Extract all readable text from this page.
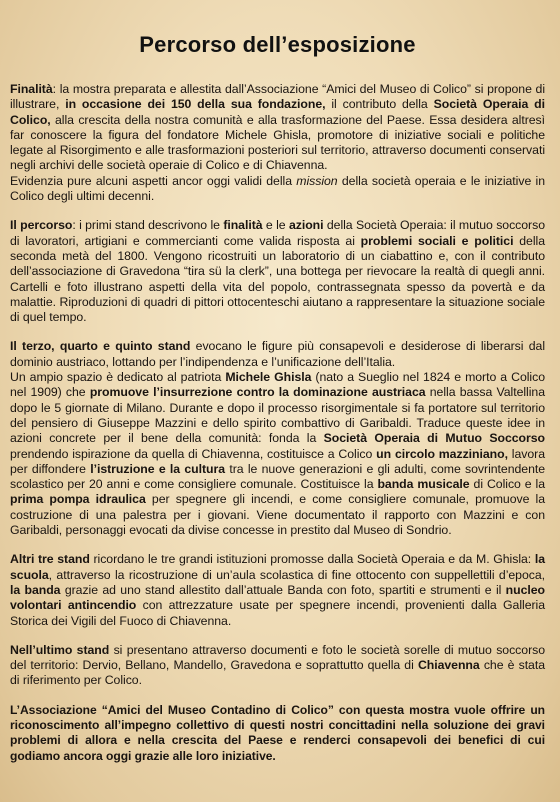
Percorso dell’esposizione

Finalità: la mostra preparata e allestita dall’Associazione “Amici del Museo di Colico” si propone di illustrare, in occasione dei 150 della sua fondazione, il contributo della Società Operaia di Colico, alla crescita della nostra comunità e alla trasformazione del Paese. Essa desidera altresì far conoscere la figura del fondatore Michele Ghisla, promotore di iniziative sociali e politiche legate al Risorgimento e alle trasformazioni posteriori sul territorio, attraverso documenti conservati negli archivi delle società operaie di Colico e di Chiavenna.
Evidenzia pure alcuni aspetti ancor oggi validi della mission della società operaia e le iniziative in Colico degli ultimi decenni.

Il percorso: i primi stand descrivono le finalità e le azioni della Società Operaia: il mutuo soccorso di lavoratori, artigiani e commercianti come valida risposta ai problemi sociali e politici della seconda metà del 1800. Vengono ricostruiti un laboratorio di un ciabattino e, con il contributo dell’associazione di Gravedona “tira sü la clerk”, una bottega per rievocare la realtà di quegli anni. Cartelli e foto illustrano aspetti della vita del popolo, contrassegnata spesso da povertà e da malattie. Riproduzioni di quadri di pittori ottocenteschi aiutano a rappresentare la situazione sociale di quel tempo.

Il terzo, quarto e quinto stand evocano le figure più consapevoli e desiderose di liberarsi dal dominio austriaco, lottando per l’indipendenza e l’unificazione dell’Italia.
Un ampio spazio è dedicato al patriota Michele Ghisla (nato a Sueglio nel 1824 e morto a Colico nel 1909) che promuove l’insurrezione contro la dominazione austriaca nella bassa Valtellina dopo le 5 giornate di Milano. Durante e dopo il processo risorgimentale si fa portatore sul territorio del pensiero di Giuseppe Mazzini e dello spirito combattivo di Garibaldi. Traduce queste idee in azioni concrete per il bene della comunità: fonda la Società Operaia di Mutuo Soccorso prendendo ispirazione da quella di Chiavenna, costituisce a Colico un circolo mazziniano, lavora per diffondere l’istruzione e la cultura tra le nuove generazioni e gli adulti, come sovrintendente scolastico per 20 anni e come consigliere comunale. Costituisce la banda musicale di Colico e la prima pompa idraulica per spegnere gli incendi, e come consigliere comunale, promuove la costruzione di una palestra per i giovani. Viene documentato il rapporto con Mazzini e con Garibaldi, personaggi evocati da divise concesse in prestito dal Museo di Sondrio.

Altri tre stand ricordano le tre grandi istituzioni promosse dalla Società Operaia e da M. Ghisla: la scuola, attraverso la ricostruzione di un’aula scolastica di fine ottocento con suppellettili d’epoca, la banda grazie ad uno stand allestito dall’attuale Banda con foto, spartiti e strumenti e il nucleo volontari antincendio con attrezzature usate per spegnere incendi, provenienti dalla Galleria Storica dei Vigili del Fuoco di Chiavenna.

Nell’ultimo stand si presentano attraverso documenti e foto le società sorelle di mutuo soccorso del territorio: Dervio, Bellano, Mandello, Gravedona e soprattutto quella di Chiavenna che è stata di riferimento per Colico.

L’Associazione “Amici del Museo Contadino di Colico” con questa mostra vuole offrire un riconoscimento all’impegno collettivo di questi nostri concittadini nella soluzione dei gravi problemi di allora e nella crescita del Paese e renderci consapevoli dei benefici di cui godiamo ancora oggi grazie alle loro iniziative.
